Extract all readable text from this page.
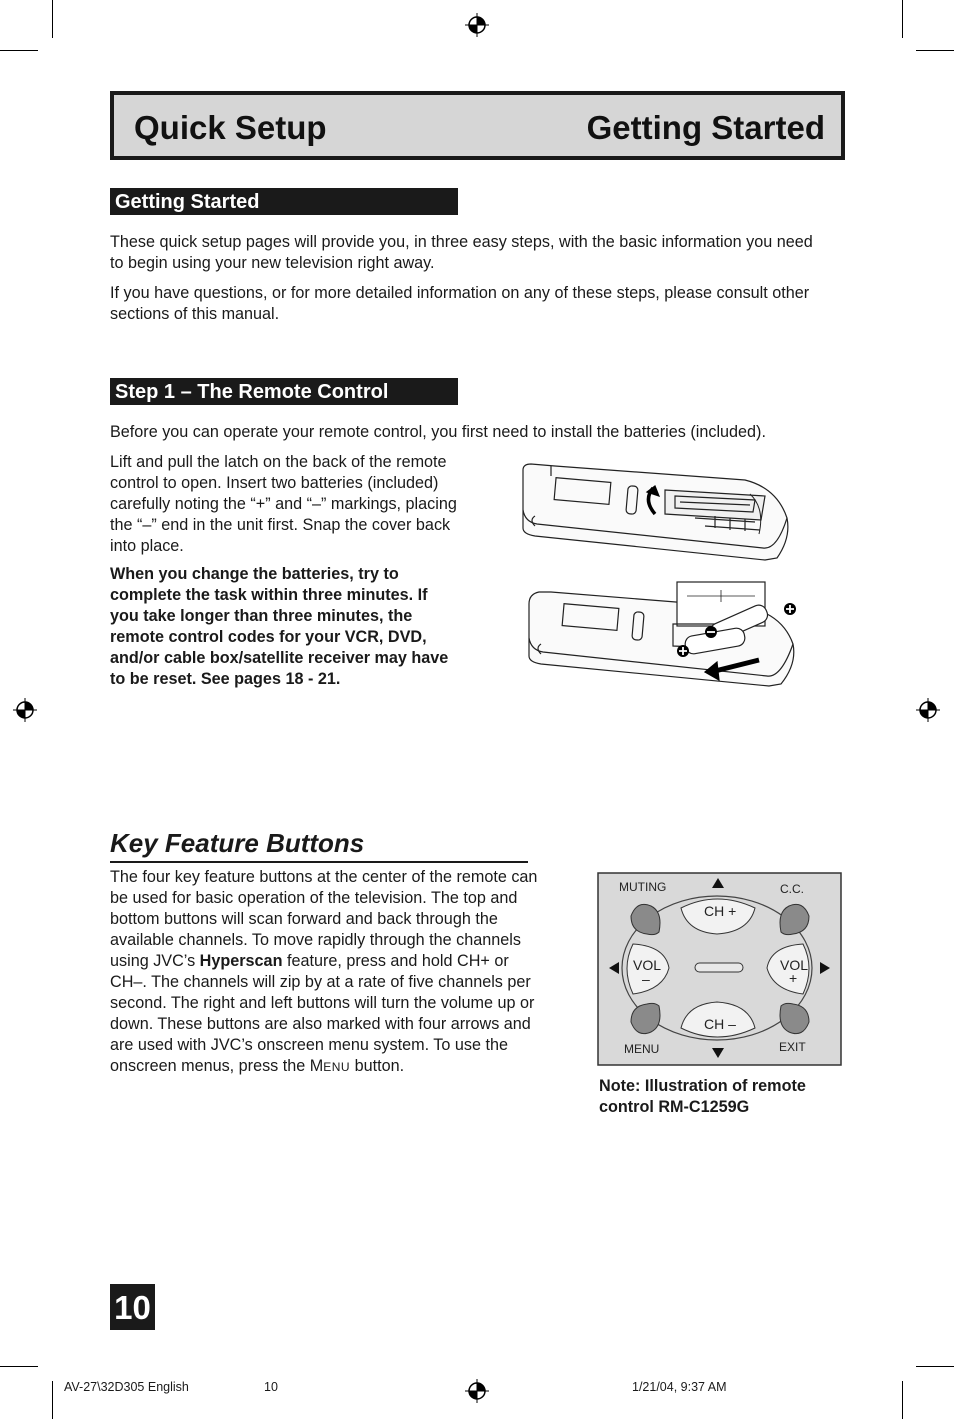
Quick Setup	Getting Started
Getting Started

These quick setup pages will provide you, in three easy steps, with the basic information you need to begin using your new television right away.

If you have questions, or for more detailed information on any of these steps, please consult other sections of this manual.

Step 1 – The Remote Control

Before you can operate your remote control, you first need to install the batteries (included).

Lift and pull the latch on the back of the remote control to open. Insert two batteries (included) carefully noting the “+” and “–” markings, placing the “–” end in the unit first. Snap the cover back into place.

When you change the batteries, try to complete the task within three minutes. If you take longer than three minutes, the remote control codes for your VCR, DVD, and/or cable box/satellite receiver may have to be reset. See pages 18 - 21.

Key Feature Buttons

The four key feature buttons at the center of the remote can be used for basic operation of the television. The top and bottom buttons will scan forward and back through the available channels. To move rapidly through the channels using JVC’s Hyperscan feature, press and hold CH+ or CH–. The channels will zip by at a rate of five channels per second. The right and left buttons will turn the volume up or down. These buttons are also marked with four arrows and are used with JVC’s onscreen menu system. To use the onscreen menus, press the MENU button.

MUTING	C.C.
MENU	EXIT
CH +
CH –
VOL
–
VOL
+

Note: Illustration of remote control RM-C1259G

10
AV-27\32D305 English	10	1/21/04, 9:37 AM
